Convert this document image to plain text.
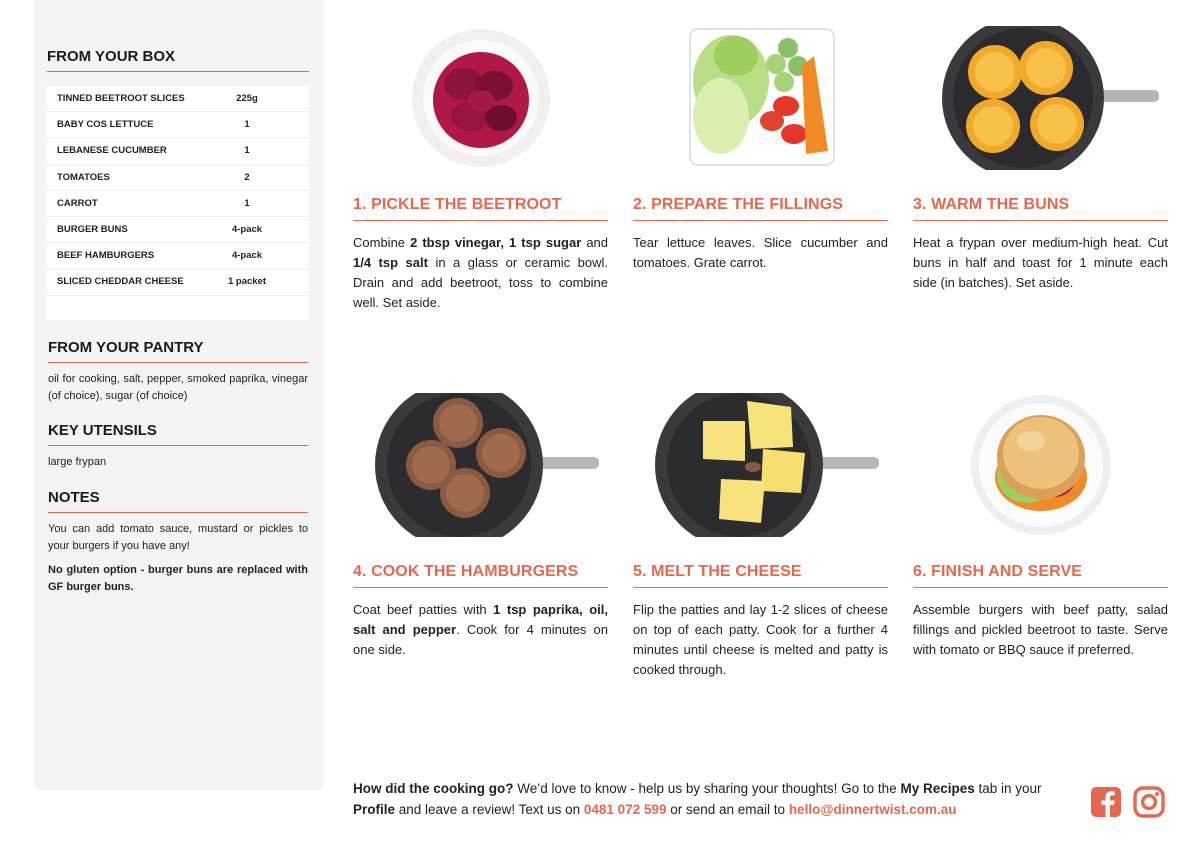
FROM YOUR BOX
TINNED BEETROOT SLICES	225g
BABY COS LETTUCE	1
LEBANESE CUCUMBER	1
TOMATOES	2
CARROT	1
BURGER BUNS	4-pack
BEEF HAMBURGERS	4-pack
SLICED CHEDDAR CHEESE	1 packet
FROM YOUR PANTRY

oil for cooking, salt, pepper, smoked paprika, vinegar (of choice), sugar (of choice)

KEY UTENSILS

large frypan

NOTES

You can add tomato sauce, mustard or pickles to your burgers if you have any!

No gluten option - burger buns are replaced with GF burger buns.

1. PICKLE THE BEETROOT

Combine 2 tbsp vinegar, 1 tsp sugar and 1/4 tsp salt in a glass or ceramic bowl. Drain and add beetroot, toss to combine well. Set aside.

2. PREPARE THE FILLINGS

Tear lettuce leaves. Slice cucumber and tomatoes. Grate carrot.

3. WARM THE BUNS

Heat a frypan over medium-high heat. Cut buns in half and toast for 1 minute each side (in batches). Set aside.

4. COOK THE HAMBURGERS

Coat beef patties with 1 tsp paprika, oil, salt and pepper. Cook for 4 minutes on one side.

5. MELT THE CHEESE

Flip the patties and lay 1-2 slices of cheese on top of each patty. Cook for a further 4 minutes until cheese is melted and patty is cooked through.

6. FINISH AND SERVE

Assemble burgers with beef patty, salad fillings and pickled beetroot to taste. Serve with tomato or BBQ sauce if preferred.

How did the cooking go? We’d love to know - help us by sharing your thoughts! Go to the My Recipes tab in your Profile and leave a review! Text us on 0481 072 599 or send an email to hello@dinnertwist.com.au
